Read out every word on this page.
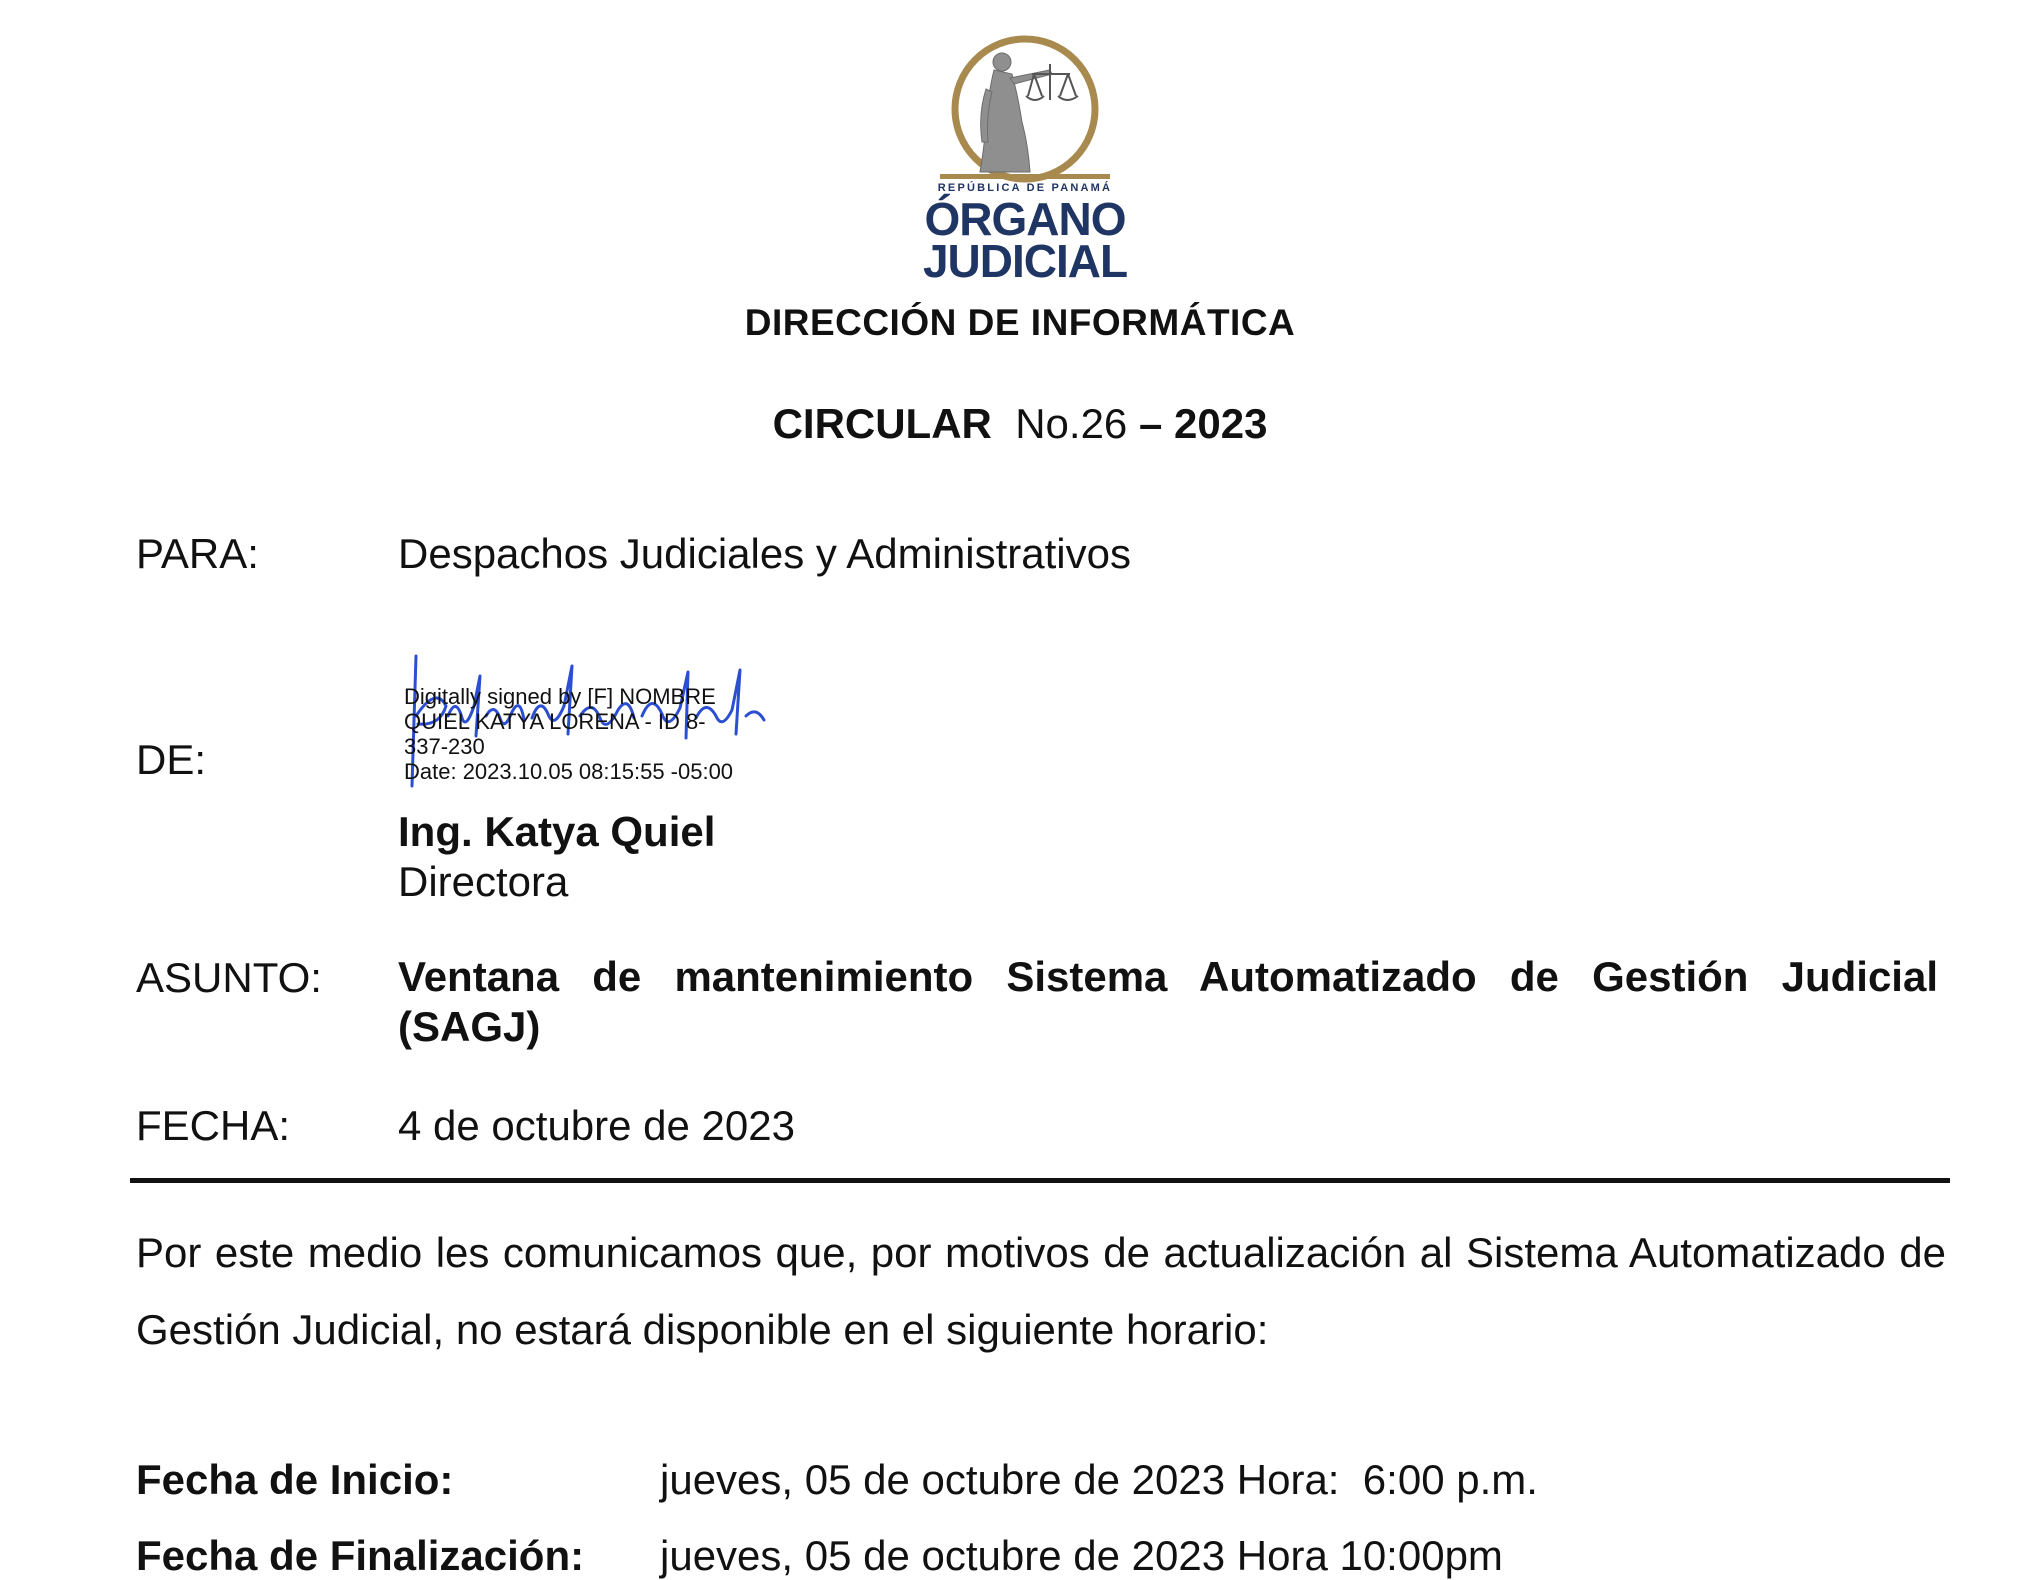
REPÚBLICA DE PANAMÁ
ÓRGANO
JUDICIAL
DIRECCIÓN DE INFORMÁTICA
CIRCULAR No.26 – 2023
PARA:	Despachos Judiciales y Administrativos
Digitally signed by [F] NOMBRE
QUIEL KATYA LORENA - ID 8-
337-230
Date: 2023.10.05 08:15:55 -05:00
DE:
Ing. Katya Quiel
Directora
ASUNTO: Ventana de mantenimiento Sistema Automatizado de Gestión Judicial (SAGJ)
FECHA:	4 de octubre de 2023
Por este medio les comunicamos que, por motivos de actualización al Sistema Automatizado de Gestión Judicial, no estará disponible en el siguiente horario:
Fecha de Inicio:	jueves, 05 de octubre de 2023 Hora:  6:00 p.m.
Fecha de Finalización: jueves, 05 de octubre de 2023 Hora 10:00pm
